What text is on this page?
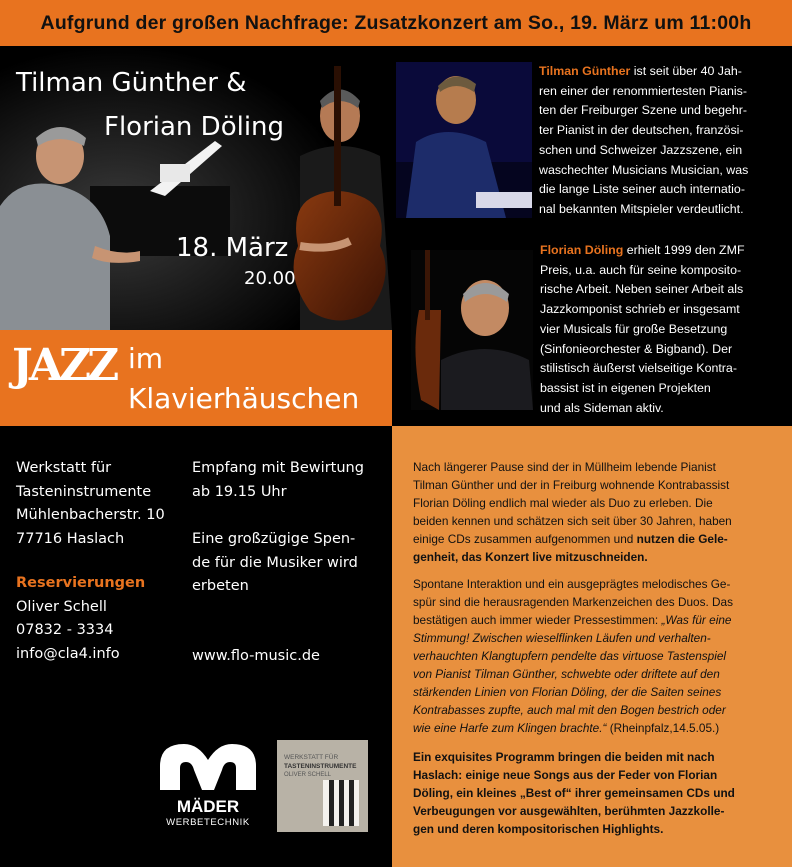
Aufgrund der großen Nachfrage: Zusatzkonzert am So., 19. März um 11:00h
Tilman Günther &
Florian Döling
18. März
20.00
JAZZ im
Klavierhäuschen
Tilman Günther ist seit über 40 Jah-
ren einer der renommiertesten Pianis-
ten der Freiburger Szene und begehr-
ter Pianist in der deutschen, französi-
schen und Schweizer Jazzszene, ein
waschechter Musicians Musician, was
die lange Liste seiner auch internatio-
nal bekannten Mitspieler verdeutlicht.
Florian Döling erhielt 1999 den ZMF
Preis, u.a. auch für seine kompositо-
rische Arbeit. Neben seiner Arbeit als
Jazzkomponist schrieb er insgesamt
vier Musicals für große Besetzung
(Sinfonieorchester & Bigband). Der
stilistisch äußerst vielseitige Kontra-
bassist ist in eigenen Projekten
und als Sideman aktiv.
Werkstatt für
Tasteninstrumente
Mühlenbacherstr. 10
77716 Haslach
Reservierungen
Oliver Schell
07832 - 3334
info@cla4.info
Empfang mit Bewirtung
ab 19.15 Uhr
Eine großzügige Spen-
de für die Musiker wird
erbeten
www.flo-music.de
MÄDER
WERBETECHNIK
WERKSTATT FÜR
TASTENINSTRUMENTE
OLIVER SCHELL
Nach längerer Pause sind der in Müllheim lebende Pianist
Tilman Günther und der in Freiburg wohnende Kontrabassist
Florian Döling endlich mal wieder als Duo zu erleben. Die
beiden kennen und schätzen sich seit über 30 Jahren, haben
einige CDs zusammen aufgenommen und nutzen die Gele-
genheit, das Konzert live mitzuschneiden.
Spontane Interaktion und ein ausgeprägtes melodisches Ge-
spür sind die herausragenden Markenzeichen des Duos. Das
bestätigen auch immer wieder Pressestimmen: „Was für eine
Stimmung! Zwischen wieselflinken Läufen und verhalten-
verhauchten Klangtupfern pendelte das virtuose Tastenspiel
von Pianist Tilman Günther, schwebte oder driftete auf den
stärkenden Linien von Florian Döling, der die Saiten seines
Kontrabasses zupfte, auch mal mit den Bogen bestrich oder
wie eine Harfe zum Klingen brachte.“ (Rheinpfalz,14.5.05.)
Ein exquisites Programm bringen die beiden mit nach
Haslach: einige neue Songs aus der Feder von Florian
Döling, ein kleines „Best of“ ihrer gemeinsamen CDs und
Verbeugungen vor ausgewählten, berühmten Jazzkolle-
gen und deren kompositorischen Highlights.
